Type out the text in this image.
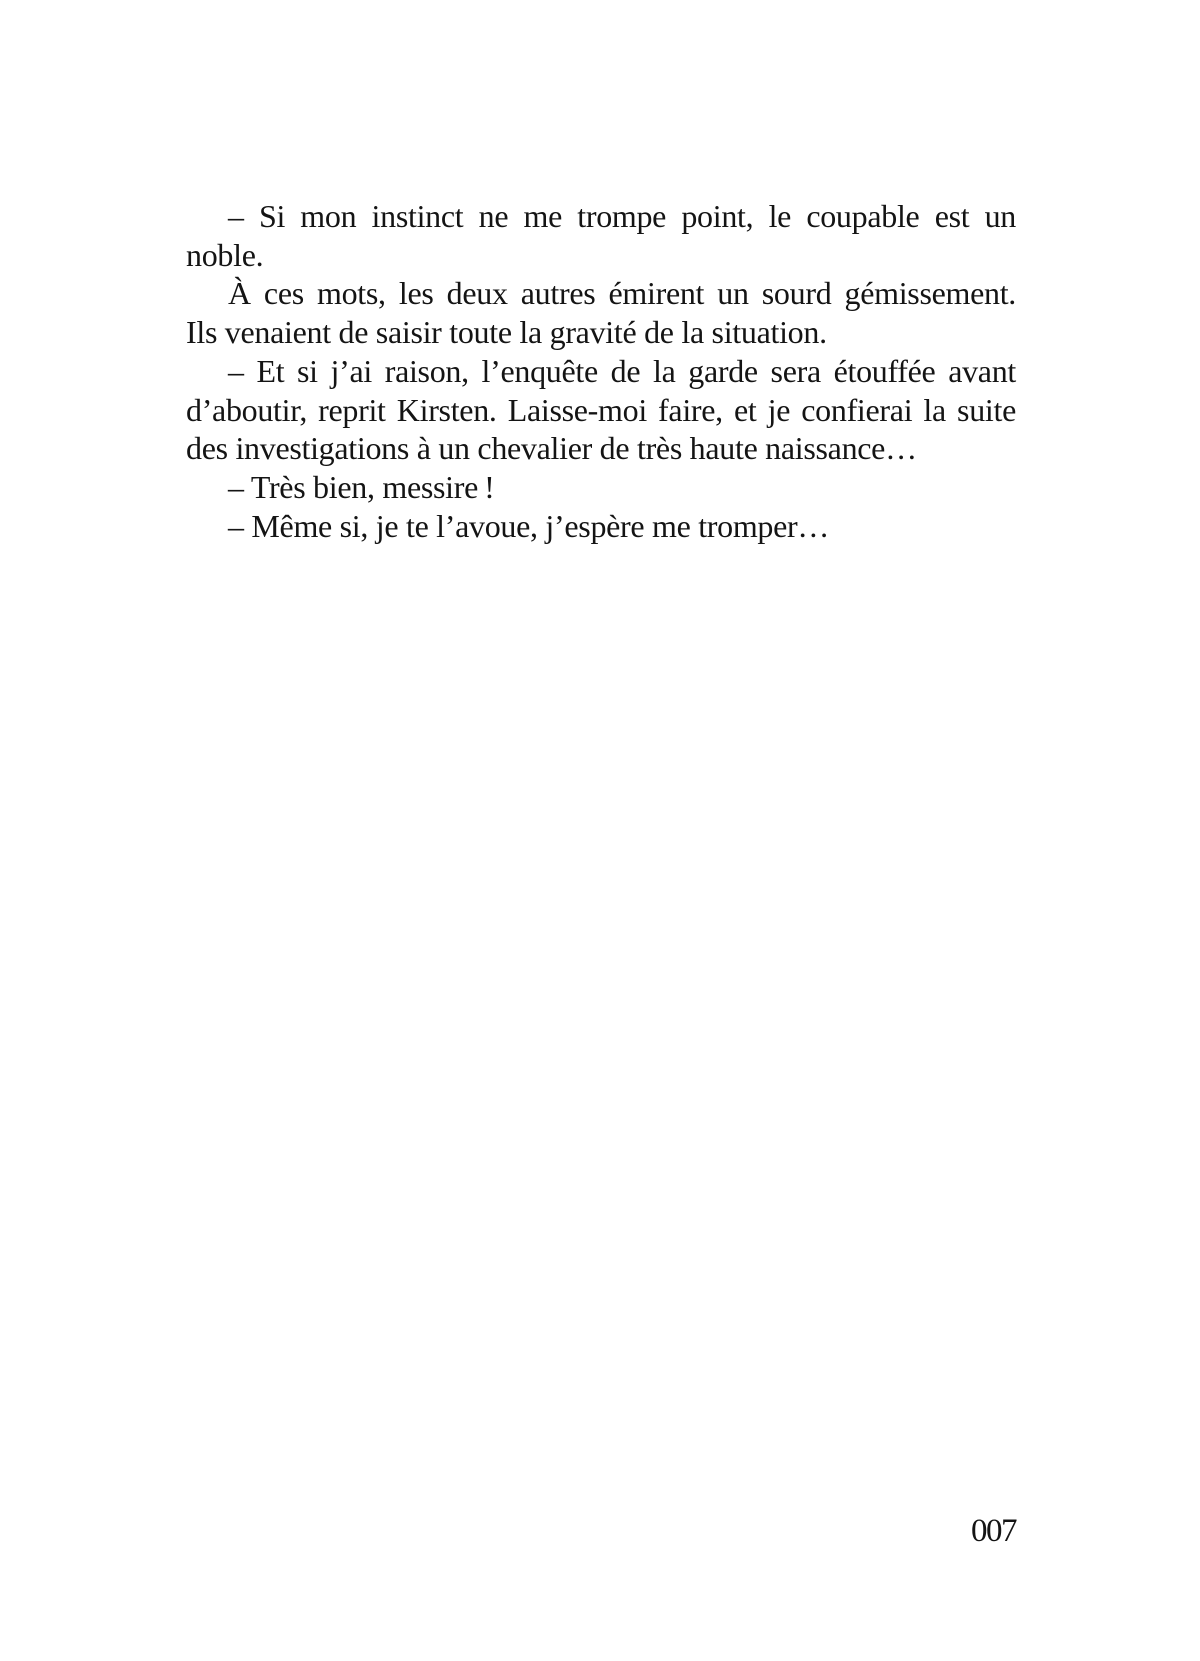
– Si mon instinct ne me trompe point, le coupable est un
noble.
À ces mots, les deux autres émirent un sourd gémissement.
Ils venaient de saisir toute la gravité de la situation.
– Et si j’ai raison, l’enquête de la garde sera étouffée avant
d’aboutir, reprit Kirsten. Laisse-moi faire, et je confierai la suite
des investigations à un chevalier de très haute naissance…
– Très bien, messire !
– Même si, je te l’avoue, j’espère me tromper…
007
